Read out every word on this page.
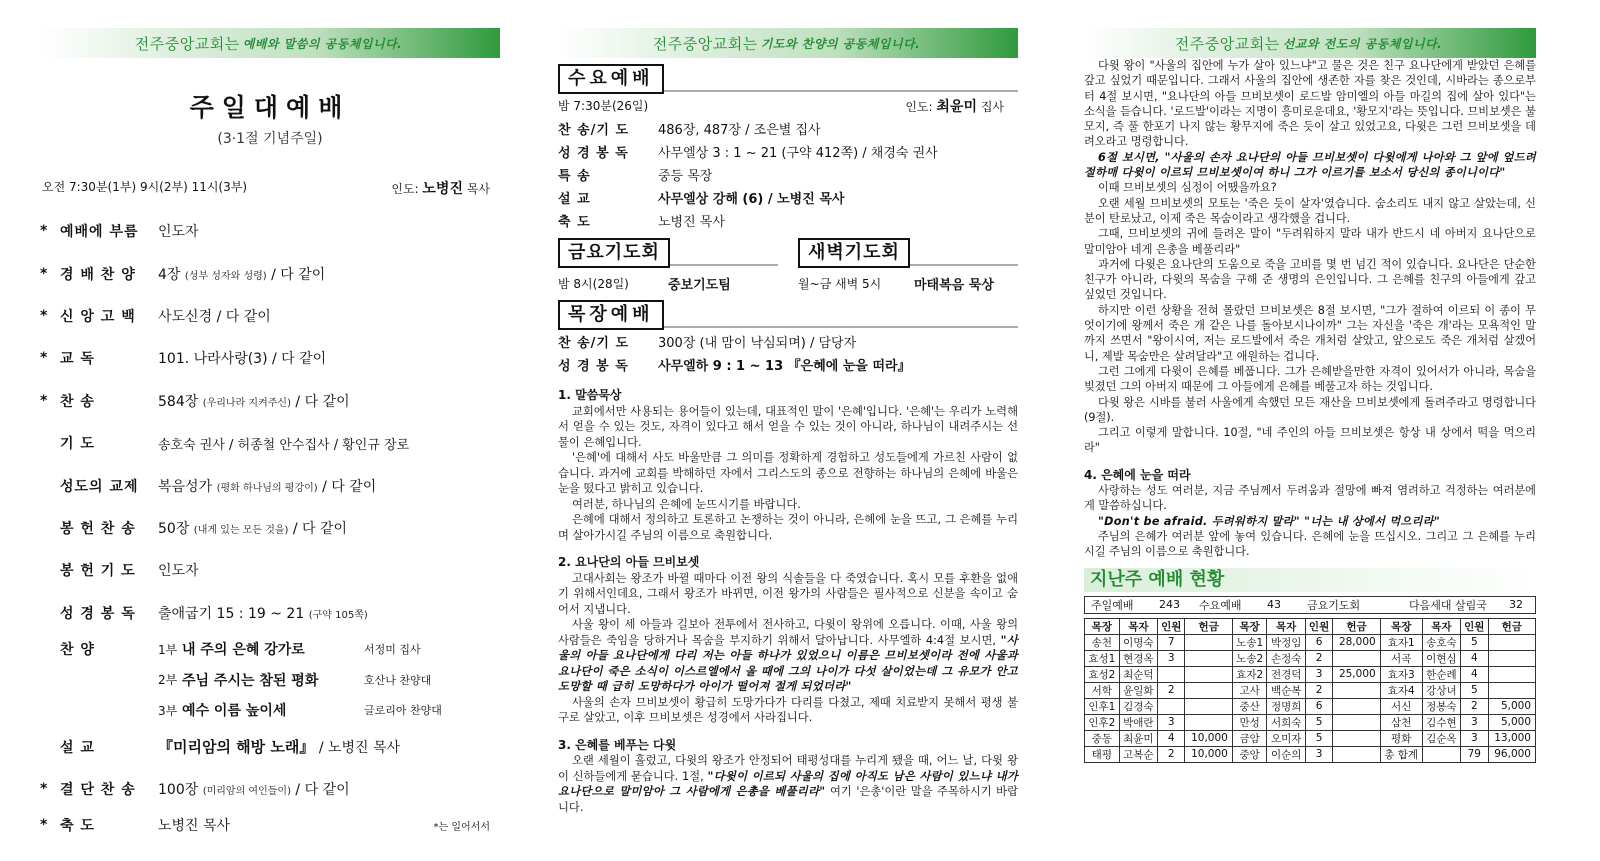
전주중앙교회는 예배와 말씀의 공동체입니다.
주일대예배
(3·1절 기념주일)
오전 7:30분(1부) 9시(2부) 11시(3부)	인도: 노병진 목사
* 예배에 부름	인도자
* 경 배 찬 양	4장 (성부 성자와 성령) / 다 같이
* 신 앙 고 백	사도신경 / 다 같이
* 교 독	101. 나라사랑(3) / 다 같이
* 찬 송	584장 (우리나라 지켜주신) / 다 같이
기 도	송호숙 권사 / 허종철 안수집사 / 황인규 장로
성도의 교제	복음성가 (평화 하나님의 평강이) / 다 같이
봉 헌 찬 송	50장 (내게 있는 모든 것을) / 다 같이
봉 헌 기 도	인도자
성 경 봉 독	출애굽기 15 : 19 ~ 21 (구약 105쪽)
찬 양	1부 내 주의 은혜 강가로	서정미 집사
2부 주님 주시는 참된 평화	호산나 찬양대
3부 예수 이름 높이세	글로리아 찬양대
설 교	『미리암의 해방 노래』 / 노병진 목사
* 결 단 찬 송	100장 (미리암의 여인들이) / 다 같이
* 축 도	노병진 목사	*는 일어서서
전주중앙교회는 기도와 찬양의 공동체입니다.
수요예배
밤 7:30분(26일)	인도: 최윤미 집사
찬 송/기 도	486장, 487장 / 조은별 집사
성 경 봉 독	사무엘상 3 : 1 ~ 21 (구약 412쪽) / 채경숙 권사
특 송	중등 목장
설 교	사무엘상 강해 (6) / 노병진 목사
축 도	노병진 목사
금요기도회
밤 8시(28일)	중보기도팀
새벽기도회
월~금 새벽 5시	마태복음 묵상
목장예배
찬 송/기 도	300장 (내 맘이 낙심되며) / 담당자
성 경 봉 독	사무엘하 9 : 1 ~ 13 『은혜에 눈을 떠라』
1. 말씀묵상

교회에서만 사용되는 용어들이 있는데, 대표적인 말이 '은혜'입니다. '은혜'는 우리가 노력해서 얻을 수 있는 것도, 자격이 있다고 해서 얻을 수 있는 것이 아니라, 하나님이 내려주시는 선물이 은혜입니다.

'은혜'에 대해서 사도 바울만큼 그 의미를 정확하게 경험하고 성도들에게 가르친 사람이 없습니다. 과거에 교회를 박해하던 자에서 그리스도의 종으로 전향하는 하나님의 은혜에 바울은 눈을 떴다고 밝히고 있습니다.

여러분, 하나님의 은혜에 눈뜨시기를 바랍니다.

은혜에 대해서 정의하고 토론하고 논쟁하는 것이 아니라, 은혜에 눈을 뜨고, 그 은혜를 누리며 살아가시길 주님의 이름으로 축원합니다.

2. 요나단의 아들 므비보셋

고대사회는 왕조가 바뀔 때마다 이전 왕의 식솔들을 다 죽였습니다. 혹시 모를 후환을 없애기 위해서인데요, 그래서 왕조가 바뀌면, 이전 왕가의 사람들은 필사적으로 신분을 속이고 숨어서 지냅니다.

사울 왕이 세 아들과 길보아 전투에서 전사하고, 다윗이 왕위에 오릅니다. 이때, 사울 왕의 사람들은 죽임을 당하거나 목숨을 부지하기 위해서 달아납니다. 사무엘하 4:4절 보시면, "사울의 아들 요나단에게 다리 저는 아들 하나가 있었으니 이름은 므비보셋이라 전에 사울과 요나단이 죽은 소식이 이스르엘에서 올 때에 그의 나이가 다섯 살이었는데 그 유모가 안고 도망할 때 급히 도망하다가 아이가 떨어져 절게 되었더라"

사울의 손자 므비보셋이 황급히 도망가다가 다리를 다쳤고, 제때 치료받지 못해서 평생 불구로 살았고, 이후 므비보셋은 성경에서 사라집니다.

3. 은혜를 베푸는 다윗

오랜 세월이 흘렀고, 다윗의 왕조가 안정되어 태평성대를 누리게 됐을 때, 어느 날, 다윗 왕이 신하들에게 묻습니다. 1절, "다윗이 이르되 사울의 집에 아직도 남은 사람이 있느냐 내가 요나단으로 말미암아 그 사람에게 은총을 베풀리라" 여기 '은총'이란 말을 주목하시기 바랍니다.

전주중앙교회는 선교와 전도의 공동체입니다.

다윗 왕이 "사울의 집안에 누가 살아 있느냐"고 물은 것은 친구 요나단에게 받았던 은혜를 갚고 싶었기 때문입니다. 그래서 사울의 집안에 생존한 자를 찾은 것인데, 시바라는 종으로부터 4절 보시면, "요나단의 아들 므비보셋이 로드발 암미엘의 아들 마길의 집에 살아 있다"는 소식을 듣습니다. '로드발'이라는 지명이 흥미로운데요, '황모지'라는 뜻입니다. 므비보셋은 불모지, 즉 풀 한포기 나지 않는 황무지에 죽은 듯이 살고 있었고요, 다윗은 그런 므비보셋을 데려오라고 명령합니다.

6절 보시면, "사울의 손자 요나단의 아들 므비보셋이 다윗에게 나아와 그 앞에 엎드려 절하매 다윗이 이르되 므비보셋이여 하니 그가 이르기를 보소서 당신의 종이니이다"

이때 므비보셋의 심정이 어땠을까요?

오랜 세월 므비보셋의 모토는 '죽은 듯이 살자'였습니다. 숨소리도 내지 않고 살았는데, 신분이 탄로났고, 이제 죽은 목숨이라고 생각했을 겁니다.

그때, 므비보셋의 귀에 들려온 말이 "두려워하지 말라 내가 반드시 네 아버지 요나단으로 말미암아 네게 은총을 베풀리라"

과거에 다윗은 요나단의 도움으로 죽을 고비를 몇 번 넘긴 적이 있습니다. 요나단은 단순한 친구가 아니라, 다윗의 목숨을 구해 준 생명의 은인입니다. 그 은혜를 친구의 아들에게 갚고 싶었던 것입니다.

하지만 이런 상황을 전혀 몰랐던 므비보셋은 8절 보시면, "그가 절하여 이르되 이 종이 무엇이기에 왕께서 죽은 개 같은 나를 돌아보시나이까" 그는 자신을 '죽은 개'라는 모욕적인 말까지 쓰면서 "왕이시여, 저는 로드발에서 죽은 개처럼 살았고, 앞으로도 죽은 개처럼 살겠어니, 제발 목숨만은 살려달라"고 애원하는 겁니다.

그런 그에게 다윗이 은혜를 베풉니다. 그가 은혜받을만한 자격이 있어서가 아니라, 목숨을 빚졌던 그의 아버지 때문에 그 아들에게 은혜를 베풀고자 하는 것입니다.

다윗 왕은 시바를 불러 사울에게 속했던 모든 재산을 므비보셋에게 돌려주라고 명령합니다(9절).

그리고 이렇게 말합니다. 10절, "네 주인의 아들 므비보셋은 항상 내 상에서 떡을 먹으리라"

4. 은혜에 눈을 떠라

사랑하는 성도 여러분, 지금 주님께서 두려움과 절망에 빠져 염려하고 걱정하는 여러분에게 말씀하십니다.

"Don't be afraid. 두려워하지 말라" "너는 내 상에서 먹으리라"

주님의 은혜가 여러분 앞에 놓여 있습니다. 은혜에 눈을 뜨십시오. 그리고 그 은혜를 누리시길 주님의 이름으로 축원합니다.

지난주 예배 현황
주일예배	243	수요예배	43	금요기도회	다음세대 살림국	32
목장	목자	인원	헌금	목장	목자	인원	헌금	목장	목자	인원	헌금
송천	이명숙	7		노송1	박정임	6	28,000	효자1	송호숙	5	
효성1	현경옥	3		노송2	손정숙	2		서곡	이현심	4	
효성2	최순덕			효자2	전경덕	3	25,000	효자3	한순례	4	
서학	윤일화	2		고사	백순복	2		효자4	강상녀	5	
인후1	김경숙			중산	정명희	6		서신	정봉숙	2	5,000
인후2	박애란	3		만성	서희숙	5		삼천	김수현	3	5,000
중동	최윤미	4	10,000	금암	오미자	5		평화	김순옥	3	13,000
태평	고복순	2	10,000	중앙	이순의	3		총 합계		79	96,000
